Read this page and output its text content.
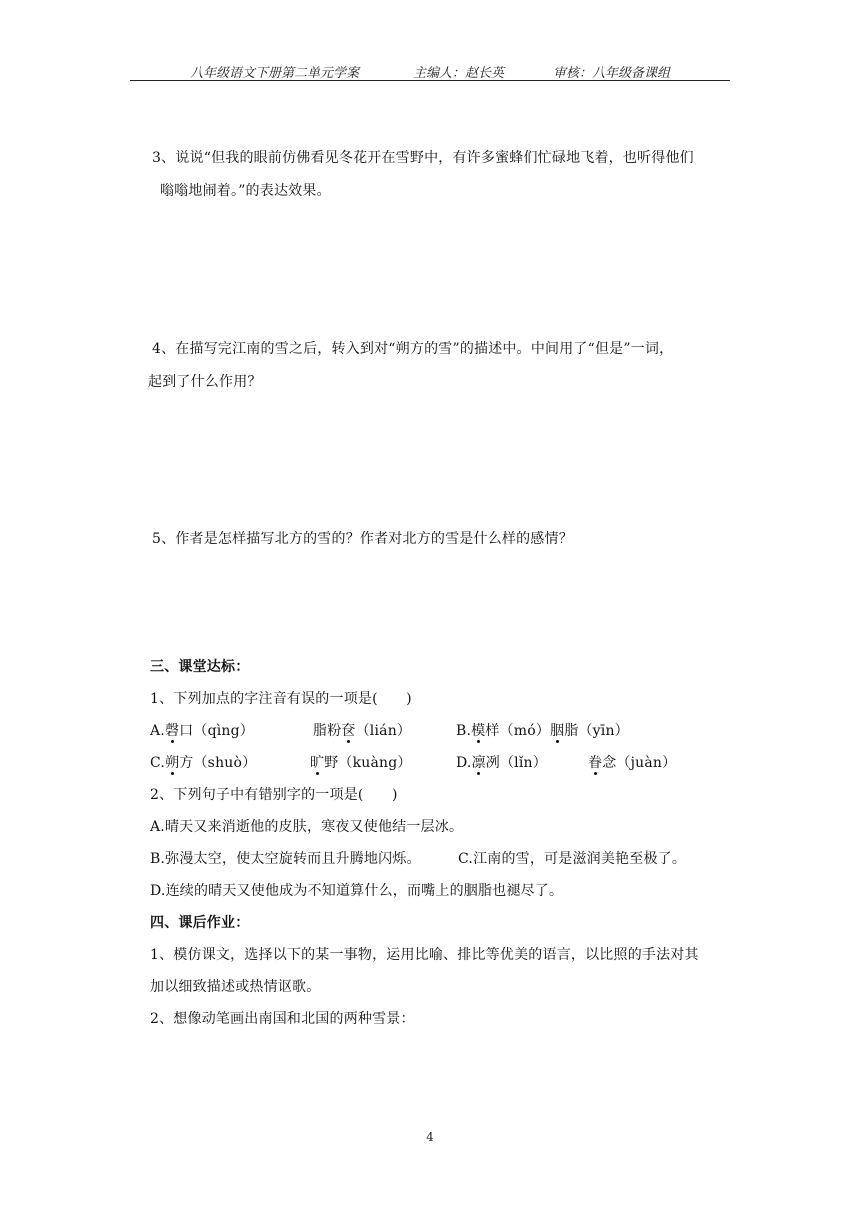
八年级语文下册第二单元学案	主编人：赵长英	审核：八年级备课组
3、说说“但我的眼前仿佛看见冬花开在雪野中，有许多蜜蜂们忙碌地飞着，也听得他们
嗡嗡地闹着。”的表达效果。
4、在描写完江南的雪之后，转入到对“朔方的雪”的描述中。中间用了“但是”一词，
起到了什么作用？
5、作者是怎样描写北方的雪的？作者对北方的雪是什么样的感情？
三、课堂达标：
1、下列加点的字注音有误的一项是(　　)
A.磬口（qìng）	脂粉奁（lián）	B.模样（mó）胭脂（yīn）
C.朔方（shuò）	旷野（kuàng）	D.凛冽（lǐn）	眷念（juàn）
2、下列句子中有错别字的一项是(　　)
A.晴天又来消逝他的皮肤，寒夜又使他结一层冰。
B.弥漫太空，使太空旋转而且升腾地闪烁。	C.江南的雪，可是滋润美艳至极了。
D.连续的晴天又使他成为不知道算什么，而嘴上的胭脂也褪尽了。
四、课后作业：
1、模仿课文，选择以下的某一事物，运用比喻、排比等优美的语言，以比照的手法对其
加以细致描述或热情讴歌。
2、想像动笔画出南国和北国的两种雪景：
4
